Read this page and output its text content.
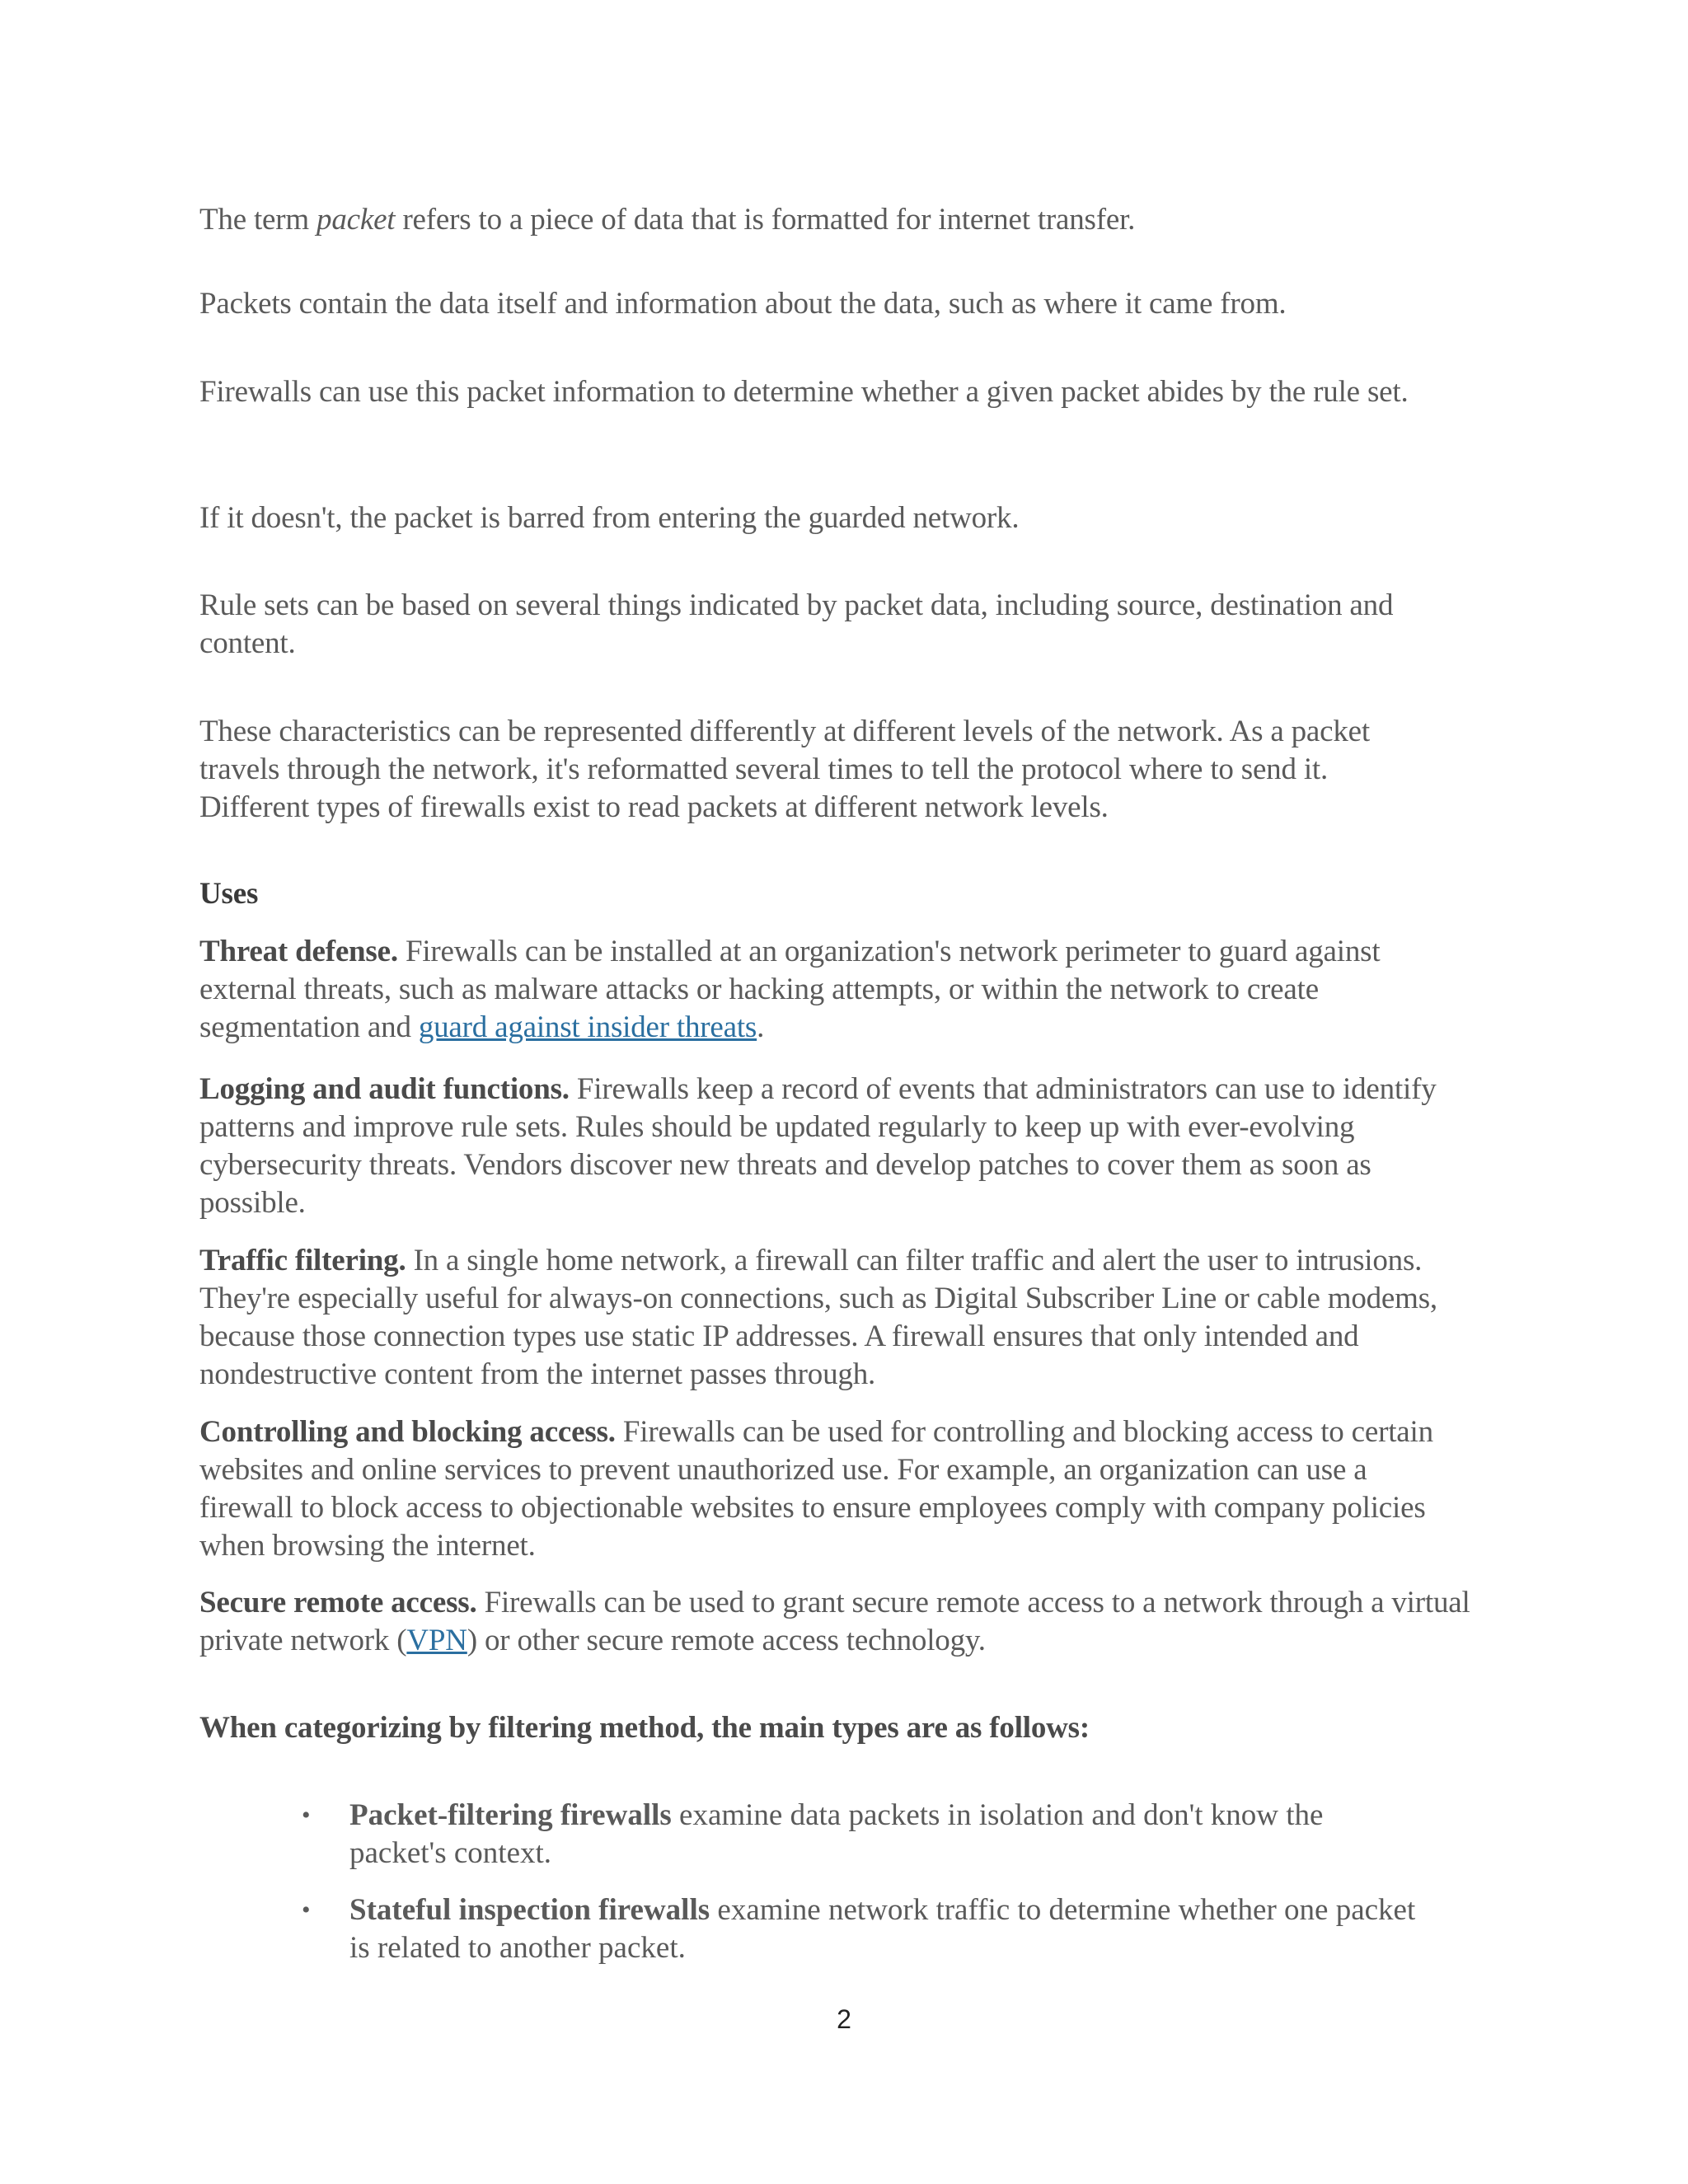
The term packet refers to a piece of data that is formatted for internet transfer.

Packets contain the data itself and information about the data, such as where it came from.

Firewalls can use this packet information to determine whether a given packet abides by the rule set.

If it doesn't, the packet is barred from entering the guarded network.

Rule sets can be based on several things indicated by packet data, including source, destination and content.

These characteristics can be represented differently at different levels of the network. As a packet travels through the network, it's reformatted several times to tell the protocol where to send it. Different types of firewalls exist to read packets at different network levels.

Uses

Threat defense. Firewalls can be installed at an organization's network perimeter to guard against external threats, such as malware attacks or hacking attempts, or within the network to create segmentation and guard against insider threats.

Logging and audit functions. Firewalls keep a record of events that administrators can use to identify patterns and improve rule sets. Rules should be updated regularly to keep up with ever-evolving cybersecurity threats. Vendors discover new threats and develop patches to cover them as soon as possible.

Traffic filtering. In a single home network, a firewall can filter traffic and alert the user to intrusions. They're especially useful for always-on connections, such as Digital Subscriber Line or cable modems, because those connection types use static IP addresses. A firewall ensures that only intended and nondestructive content from the internet passes through.

Controlling and blocking access. Firewalls can be used for controlling and blocking access to certain websites and online services to prevent unauthorized use. For example, an organization can use a firewall to block access to objectionable websites to ensure employees comply with company policies when browsing the internet.

Secure remote access. Firewalls can be used to grant secure remote access to a network through a virtual private network (VPN) or other secure remote access technology.

When categorizing by filtering method, the main types are as follows:

• Packet-filtering firewalls examine data packets in isolation and don't know the packet's context.
• Stateful inspection firewalls examine network traffic to determine whether one packet is related to another packet.
2
